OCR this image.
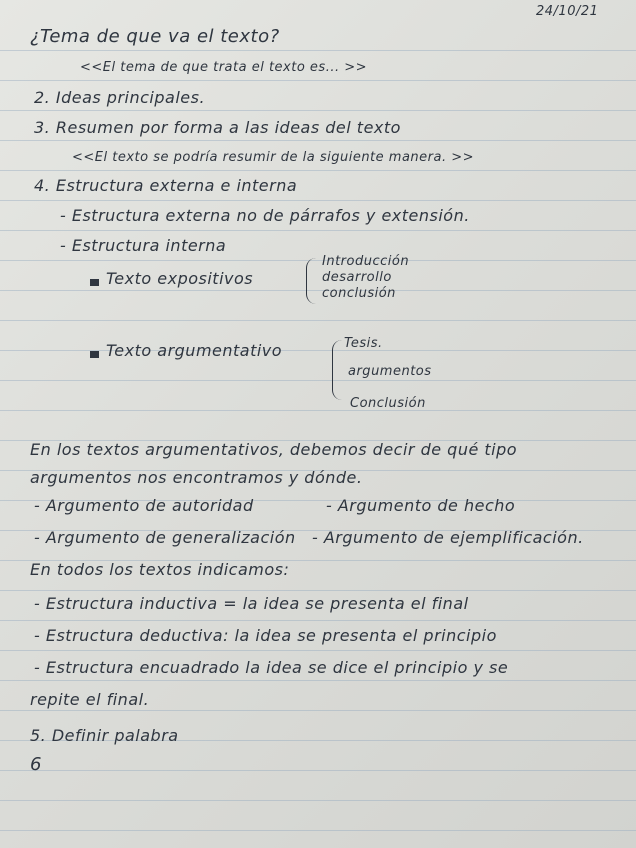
24/10/21
¿Tema de que va el texto?
<<El tema de que trata el texto es... >>
2. Ideas principales.
3. Resumen por forma a las ideas del texto
<<El texto se podría resumir de la siguiente manera. >>
4. Estructura externa e interna
- Estructura externa no de párrafos y extensión.
- Estructura interna
Introducción
Texto expositivos	desarrollo
conclusión
Tesis.
Texto argumentativo
argumentos
Conclusión
En los textos argumentativos, debemos decir de qué tipo
argumentos nos encontramos y dónde.
- Argumento de autoridad	- Argumento de hecho
- Argumento de generalización - Argumento de ejemplificación.
En todos los textos indicamos:
- Estructura inductiva = la idea se presenta el final
- Estructura deductiva: la idea se presenta el principio
- Estructura encuadrado la idea se dice el principio y se
repite el final.
5. Definir palabra
6
